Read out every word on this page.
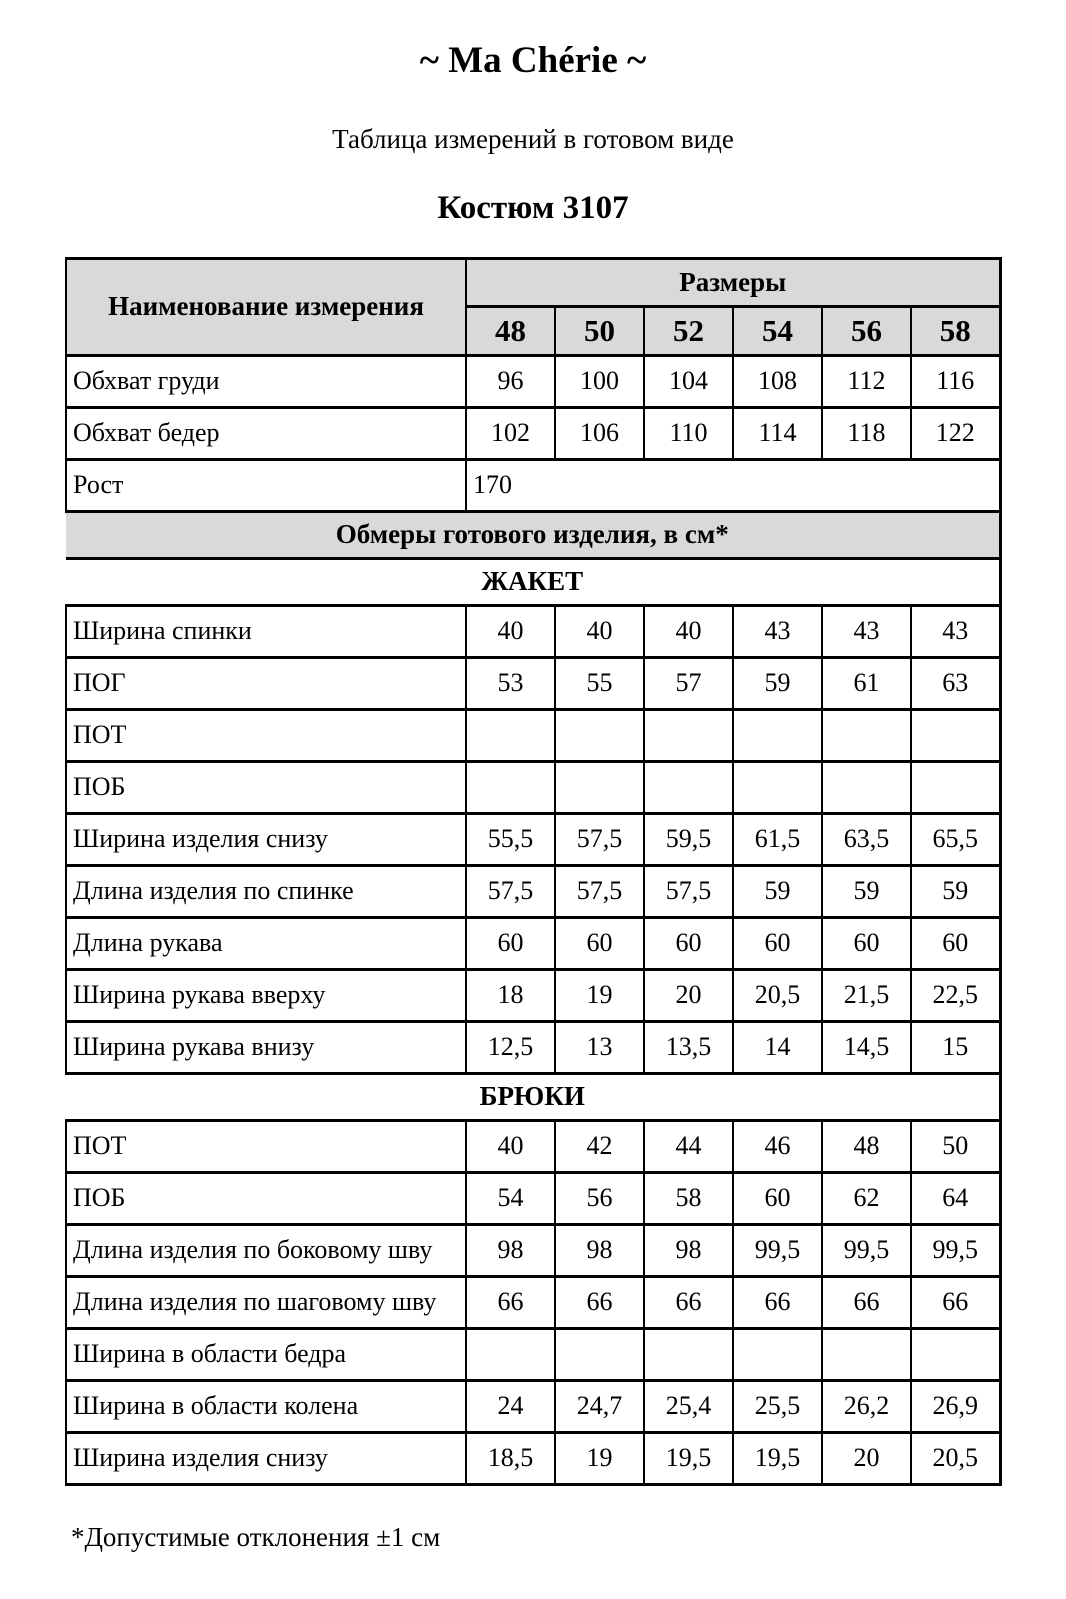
~ Ma Chérie ~
Таблица измерений в готовом виде
Костюм 3107
Наименование измерения	Размеры					
	48	50	52	54	56	58
Обхват груди	96	100	104	108	112	116
Обхват бедер	102	106	110	114	118	122
Рост	170					
Обмеры готового изделия, в см*						
ЖАКЕТ						
Ширина спинки	40	40	40	43	43	43
ПОГ	53	55	57	59	61	63
ПОТ						
ПОБ						
Ширина изделия снизу	55,5	57,5	59,5	61,5	63,5	65,5
Длина изделия по спинке	57,5	57,5	57,5	59	59	59
Длина рукава	60	60	60	60	60	60
Ширина рукава вверху	18	19	20	20,5	21,5	22,5
Ширина рукава внизу	12,5	13	13,5	14	14,5	15
БРЮКИ						
ПОТ	40	42	44	46	48	50
ПОБ	54	56	58	60	62	64
Длина изделия по боковому шву	98	98	98	99,5	99,5	99,5
Длина изделия по шаговому шву	66	66	66	66	66	66
Ширина в области бедра						
Ширина в области колена	24	24,7	25,4	25,5	26,2	26,9
Ширина изделия снизу	18,5	19	19,5	19,5	20	20,5
*Допустимые отклонения ±1 см
